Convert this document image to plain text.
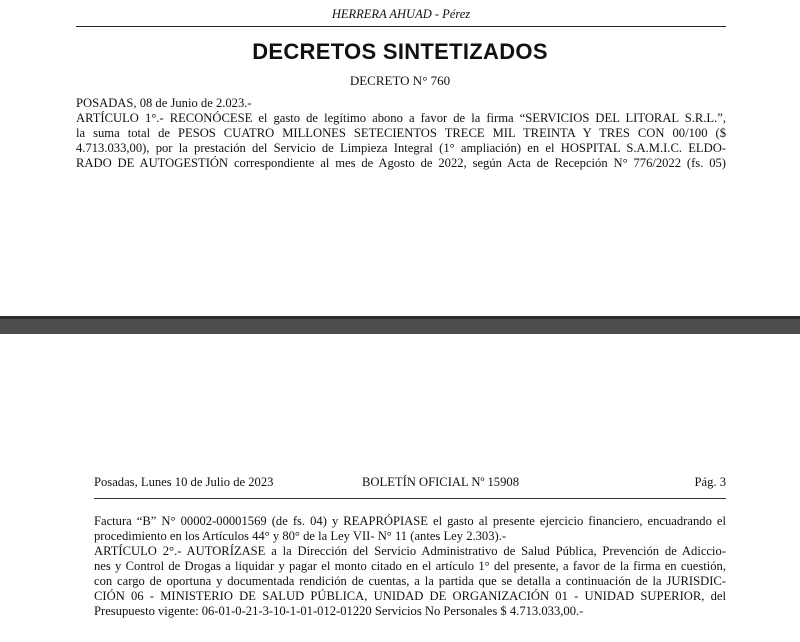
HERRERA AHUAD - Pérez
DECRETOS SINTETIZADOS
DECRETO N° 760

POSADAS, 08 de Junio de 2.023.-

ARTÍCULO 1°.- RECONÓCESE el gasto de legítimo abono a favor de la firma “SERVICIOS DEL LITORAL S.R.L.”,

la suma total de PESOS CUATRO MILLONES SETECIENTOS TRECE MIL TREINTA Y TRES CON 00/100 ($

4.713.033,00), por la prestación del Servicio de Limpieza Integral (1° ampliación) en el HOSPITAL S.A.M.I.C. ELDO-

RADO DE AUTOGESTIÓN correspondiente al mes de Agosto de 2022, según Acta de Recepción N° 776/2022 (fs. 05)

Posadas, Lunes 10 de Julio de 2023	BOLETÍN OFICIAL Nº 15908	Pág. 3

Factura “B” N° 00002-00001569 (de fs. 04) y REAPRÓPIASE el gasto al presente ejercicio financiero, encuadrando el

procedimiento en los Artículos 44° y 80° de la Ley VII- N° 11 (antes Ley 2.303).-

ARTÍCULO 2°.- AUTORÍZASE a la Dirección del Servicio Administrativo de Salud Pública, Prevención de Adiccio-

nes y Control de Drogas a liquidar y pagar el monto citado en el artículo 1° del presente, a favor de la firma en cuestión,

con cargo de oportuna y documentada rendición de cuentas, a la partida que se detalla a continuación de la JURISDIC-

CIÓN 06 - MINISTERIO DE SALUD PÚBLICA, UNIDAD DE ORGANIZACIÓN 01 - UNIDAD SUPERIOR, del

Presupuesto vigente: 06-01-0-21-3-10-1-01-012-01220 Servicios No Personales $ 4.713.033,00.-
